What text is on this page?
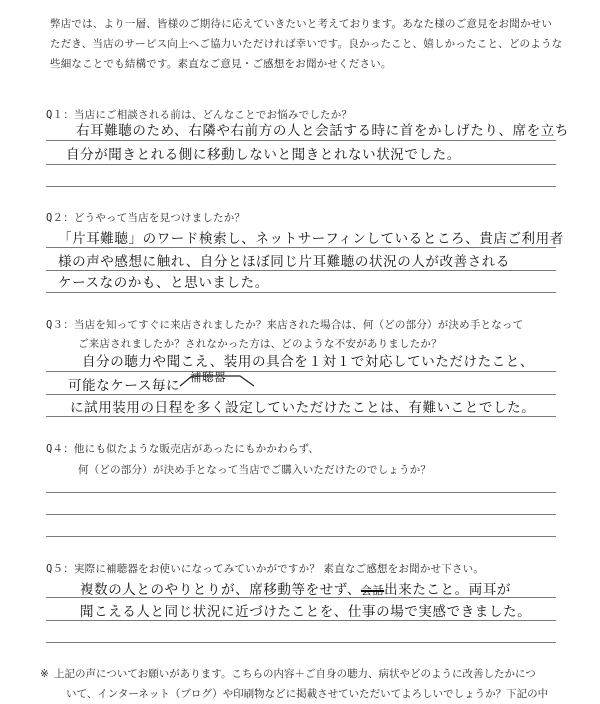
弊店では、より一層、皆様のご期待に応えていきたいと考えております。あなた様のご意見をお聞かせい
ただき、当店のサービス向上へご協力いただければ幸いです。良かったこと、嬉しかったこと、どのような
些細なことでも結構です。素直なご意見・ご感想をお聞かせください。
Q１：当店にご相談される前は、どんなことでお悩みでしたか？
右耳難聴のため、右隣や右前方の人と会話する時に首をかしげたり、席を立ち
自分が聞きとれる側に移動しないと聞きとれない状況でした。
Q２：どうやって当店を見つけましたか？
「片耳難聴」のワード検索し、ネットサーフィンしているところ、貴店ご利用者
様の声や感想に触れ、自分とほぼ同じ片耳難聴の状況の人が改善される
ケースなのかも、と思いました。
Q３：当店を知ってすぐに来店されましたか？来店された場合は、何（どの部分）が決め手となって
ご来店されましたか？されなかった方は、どのような不安がありましたか？
自分の聴力や聞こえ、装用の具合を１対１で対応していただけたこと、
補聴器
可能なケース毎に
に試用装用の日程を多く設定していただけたことは、有難いことでした。
Q４：他にも似たような販売店があったにもかかわらず、
何（どの部分）が決め手となって当店でご購入いただけたのでしょうか？
Q５：実際に補聴器をお使いになってみていかがですか？ 素直なご感想をお聞かせ下さい。
複数の人とのやりとりが、席移動等をせず、会話出来たこと。両耳が
聞こえる人と同じ状況に近づけたことを、仕事の場で実感できました。
※ 上記の声についてお願いがあります。こちらの内容＋ご自身の聴力、病状やどのように改善したかにつ
いて、インターネット（ブログ）や印刷物などに掲載させていただいてよろしいでしょうか？下記の中
